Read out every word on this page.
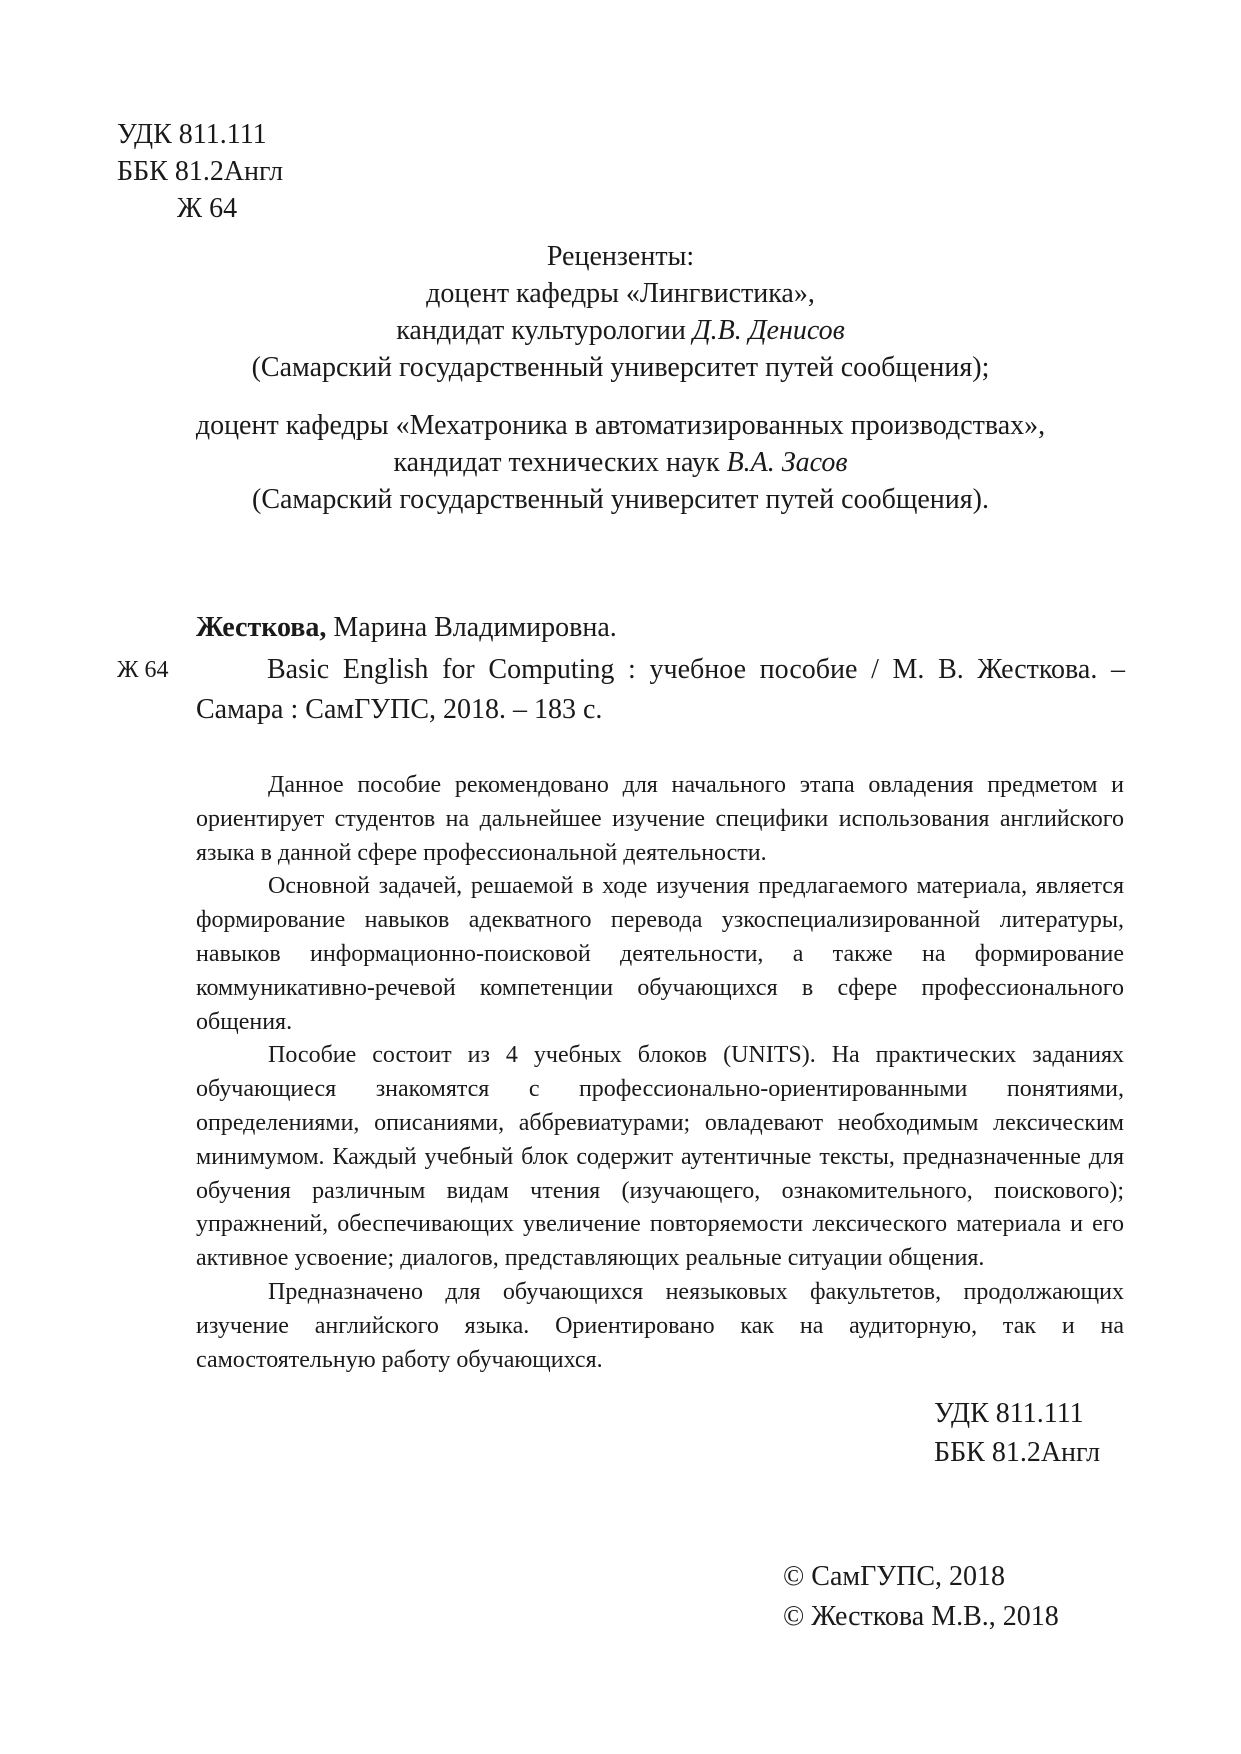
УДК 811.111
ББК 81.2Англ
Ж 64
Рецензенты:
доцент кафедры «Лингвистика»,
кандидат культурологии Д.В. Денисов
(Самарский государственный университет путей сообщения);
доцент кафедры «Мехатроника в автоматизированных производствах»,
кандидат технических наук В.А. Засов
(Самарский государственный университет путей сообщения).
Жесткова, Марина Владимировна.
Ж 64	Basic English for Computing : учебное пособие / М. В. Жесткова. –
Самара : СамГУПС, 2018. – 183 с.

Данное пособие рекомендовано для начального этапа овладения предметом и ориентирует студентов на дальнейшее изучение специфики использования английского языка в данной сфере профессиональной деятельности.

Основной задачей, решаемой в ходе изучения предлагаемого материала, является формирование навыков адекватного перевода узкоспециализированной литературы, навыков информационно-поисковой деятельности, а также на формирование коммуникативно-речевой компетенции обучающихся в сфере профессионального общения.

Пособие состоит из 4 учебных блоков (UNITS). На практических заданиях обучающиеся знакомятся с профессионально-ориентированными понятиями, определениями, описаниями, аббревиатурами; овладевают необходимым лексическим минимумом. Каждый учебный блок содержит аутентичные тексты, предназначенные для обучения различным видам чтения (изучающего, ознакомительного, поискового); упражнений, обеспечивающих увеличение повторяемости лексического материала и его активное усвоение; диалогов, представляющих реальные ситуации общения.

Предназначено для обучающихся неязыковых факультетов, продолжающих изучение английского языка. Ориентировано как на аудиторную, так и на самостоятельную работу обучающихся.

УДК 811.111
ББК 81.2Англ
© СамГУПС, 2018
© Жесткова М.В., 2018
